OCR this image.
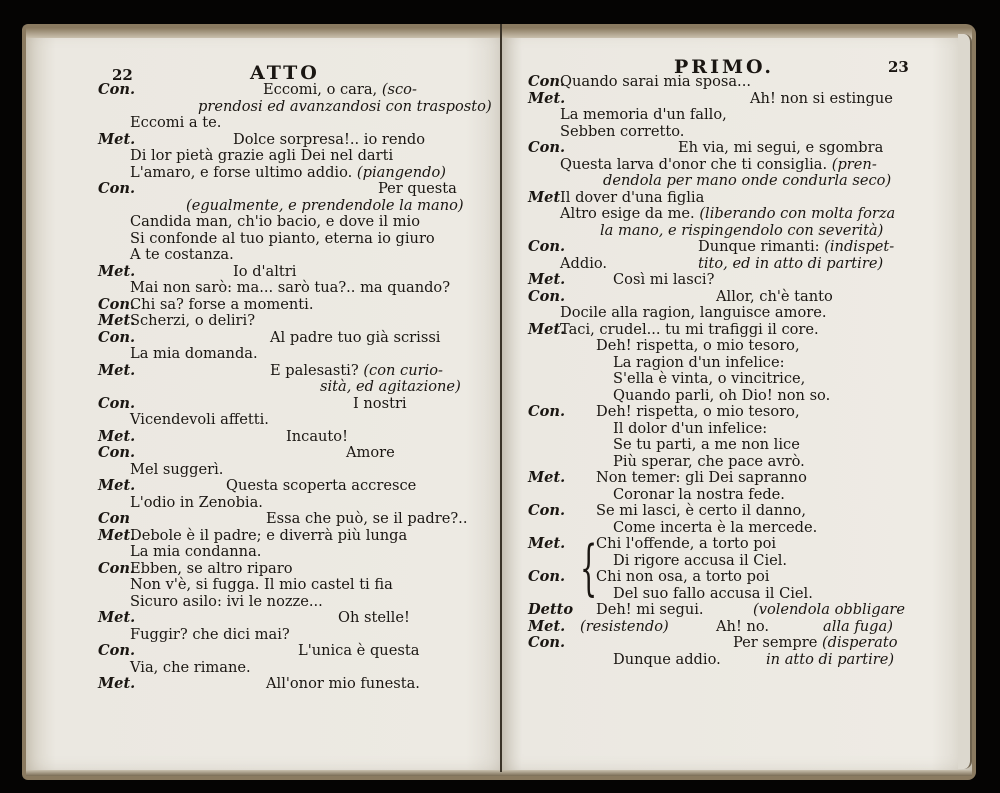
22	ATTO
Con.	Eccomi, o cara, (sco-
prendosi ed avanzandosi con trasposto)
Eccomi a te.
Met.	Dolce sorpresa!.. io rendo
Di lor pietà grazie agli Dei nel darti
L'amaro, e forse ultimo addio. (piangendo)
Con.	Per questa
(egualmente, e prendendole la mano)
Candida man, ch'io bacio, e dove il mio
Si confonde al tuo pianto, eterna io giuro
A te costanza.
Met.	Io d'altri
Mai non sarò: ma... sarò tua?.. ma quando?
Con.
Chi sa? forse a momenti.
Met.
Scherzi, o deliri?
Con.	Al padre tuo già scrissi
La mia domanda.
Met.	E palesasti? (con curio-
sità, ed agitazione)
Con.	I nostri
Vicendevoli affetti.
Met.	Incauto!
Con.	Amore
Mel suggerì.
Met.	Questa scoperta accresce
L'odio in Zenobia.
Con	Essa che può, se il padre?..
Met.
Debole è il padre; e diverrà più lunga
La mia condanna.
Con.
Ebben, se altro riparo
Non v'è, si fugga. Il mio castel ti fia
Sicuro asilo: ivi le nozze...
Met.	Oh stelle!
Fuggir? che dici mai?
Con.	L'unica è questa
Via, che rimane.
Met.	All'onor mio funesta.
23
PRIMO.
Con.
Quando sarai mia sposa...
Met.	Ah! non si estingue
La memoria d'un fallo,
Sebben corretto.
Con.	Eh via, mi segui, e sgombra
Questa larva d'onor che ti consiglia. (pren-
dendola per mano onde condurla seco)
Met Il dover d'una figlia
Altro esige da me. (liberando con molta forza
la mano, e rispingendolo con severità)
Con.	Dunque rimanti: (indispet-
Addio.	tito, ed in atto di partire)
Met.	Così mi lasci?
Con.	Allor, ch'è tanto
Docile alla ragion, languisce amore.
Met.
Taci, crudel... tu mi trafiggi il core.
Deh! rispetta, o mio tesoro,
La ragion d'un infelice:
S'ella è vinta, o vincitrice,
Quando parli, oh Dio! non so.
Con. Deh! rispetta, o mio tesoro,
Il dolor d'un infelice:
Se tu parti, a me non lice
Più sperar, che pace avrò.
Met. Non temer: gli Dei sapranno
Coronar la nostra fede.
Con. Se mi lasci, è certo il danno,
Come incerta è la mercede.
Met. Chi l'offende, a torto poi
Di rigore accusa il Ciel.
Con. Chi non osa, a torto poi
Del suo fallo accusa il Ciel.
Detto Deh! mi segui.	(volendola obbligare
Met. (resistendo)	Ah! no.	alla fuga)
Con.	Per sempre (disperato
Dunque addio.	in atto di partire)
{
